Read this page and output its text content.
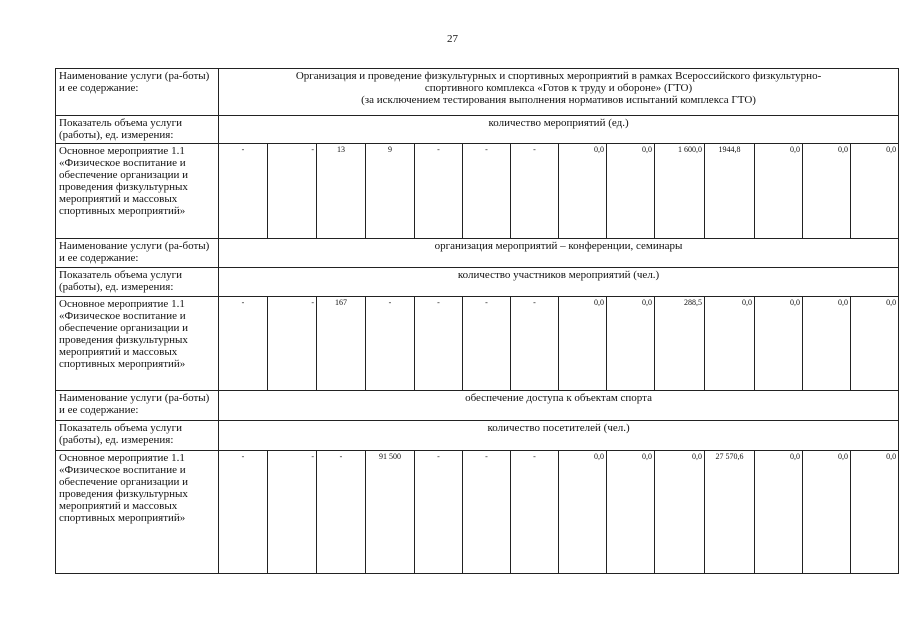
27
Наименование услуги (ра-боты) и ее содержание:	Организация и проведение физкультурных и спортивных мероприятий в рамках Всероссийского физкультурно-
спортивного комплекса «Готов к труду и обороне» (ГТО)
(за исключением тестирования выполнения нормативов испытаний комплекса ГТО)													

Показатель объема услуги (работы), ед. измерения:	количество мероприятий (ед.)													
Основное мероприятие 1.1 «Физическое воспитание и обеспечение организации и проведения физкультурных мероприятий и массовых спортивных мероприятий»	-	-	13	9	-	-	-	0,0	0,0	1 600,0	1944,8	0,0	0,0	0,0
Наименование услуги (ра-боты) и ее содержание:	организация мероприятий – конференции, семинары													
Показатель объема услуги (работы), ед. измерения:	количество участников мероприятий (чел.)													
Основное мероприятие 1.1 «Физическое воспитание и обеспечение организации и проведения физкультурных мероприятий и массовых спортивных мероприятий»	-	-	167	-	-	-	-	0,0	0,0	288,5	0,0	0,0	0,0	0,0
Наименование услуги (ра-боты) и ее содержание:	обеспечение доступа к объектам спорта													
Показатель объема услуги (работы), ед. измерения:	количество посетителей (чел.)													
Основное мероприятие 1.1 «Физическое воспитание и обеспечение организации и проведения физкультурных мероприятий и массовых спортивных мероприятий»	-	-	-	91 500	-	-	-	0,0	0,0	0,0	27 570,6	0,0	0,0	0,0
